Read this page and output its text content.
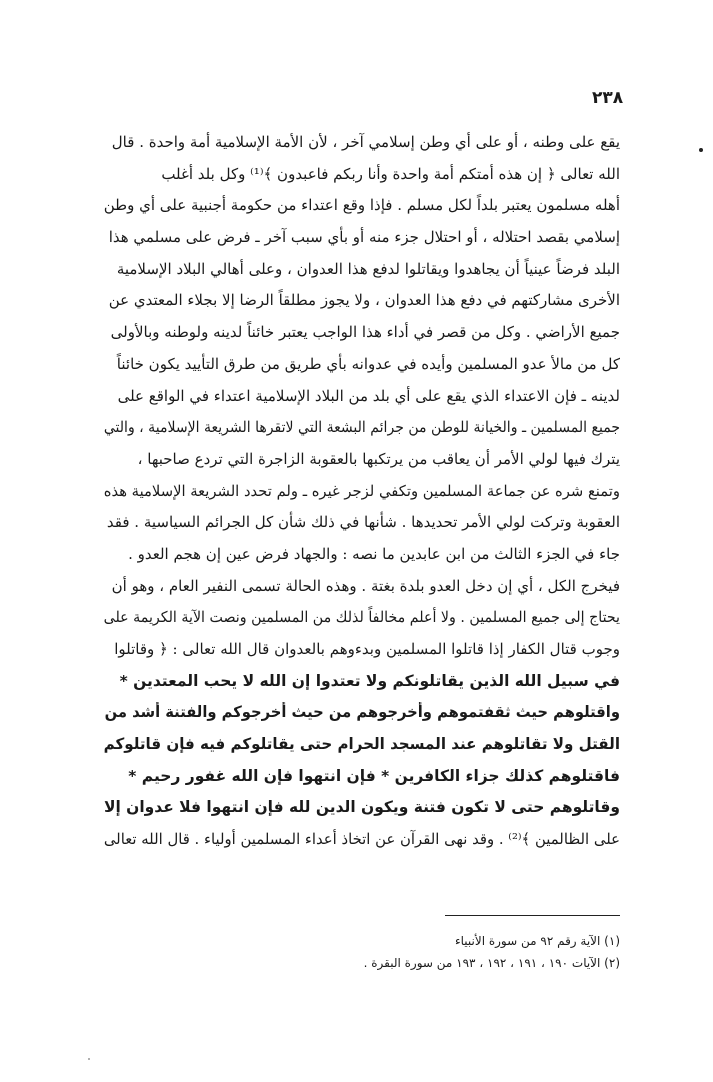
٢٣٨
يقع على وطنه ، أو على أي وطن إسلامي آخر ، لأن الأمة الإسلامية أمة واحدة . قال
الله تعالى ﴿ إن هذه أمتكم أمة واحدة وأنا ربكم فاعبدون ﴾⁽¹⁾ وكل بلد أغلب
أهله مسلمون يعتبر بلداً لكل مسلم . فإذا وقع اعتداء من حكومة أجنبية على أي وطن
إسلامي بقصد احتلاله ، أو احتلال جزء منه أو بأي سبب آخر ـ فرض على مسلمي هذا
البلد فرضاً عينياً أن يجاهدوا ويقاتلوا لدفع هذا العدوان ، وعلى أهالي البلاد الإسلامية
الأخرى مشاركتهم في دفع هذا العدوان ، ولا يجوز مطلقاً الرضا إلا بجلاء المعتدي عن
جميع الأراضي . وكل من قصر في أداء هذا الواجب يعتبر خائناً لدينه ولوطنه وبالأولى
كل من مالأ عدو المسلمين وأيده في عدوانه بأي طريق من طرق التأييد يكون خائناً
لدينه ـ فإن الاعتداء الذي يقع على أي بلد من البلاد الإسلامية اعتداء في الواقع على
جميع المسلمين ـ والخيانة للوطن من جرائم البشعة التي لاتقرها الشريعة الإسلامية ، والتي
يترك فيها لولي الأمر أن يعاقب من يرتكبها بالعقوبة الزاجرة التي تردع صاحبها ،
وتمنع شره عن جماعة المسلمين وتكفي لزجر غيره ـ ولم تحدد الشريعة الإسلامية هذه
العقوبة وتركت لولي الأمر تحديدها . شأنها في ذلك شأن كل الجرائم السياسية . فقد
جاء في الجزء الثالث من ابن عابدين ما نصه : والجهاد فرض عين إن هجم العدو .
فيخرج الكل ، أي إن دخل العدو بلدة بغتة . وهذه الحالة تسمى النفير العام ، وهو أن
يحتاج إلى جميع المسلمين . ولا أعلم مخالفاً لذلك من المسلمين ونصت الآية الكريمة على
وجوب قتال الكفار إذا قاتلوا المسلمين وبدءوهم بالعدوان قال الله تعالى : ﴿ وقاتلوا
في سبيل الله الذين يقاتلونكم ولا تعتدوا إن الله لا يحب المعتدين *
واقتلوهم حيث ثقفتموهم وأخرجوهم من حيث أخرجوكم والفتنة أشد من
القتل ولا تقاتلوهم عند المسجد الحرام حتى يقاتلوكم فيه فإن قاتلوكم
فاقتلوهم كذلك جزاء الكافرين * فإن انتهوا فإن الله غفور رحيم *
وقاتلوهم حتى لا تكون فتنة ويكون الدين لله فإن انتهوا فلا عدوان إلا
على الظالمين ﴾⁽²⁾ . وقد نهى القرآن عن اتخاذ أعداء المسلمين أولياء . قال الله تعالى
(١) الآية رقم ٩٢ من سورة الأنبياء
(٢) الآيات ١٩٠ ، ١٩١ ، ١٩٢ ، ١٩٣ من سورة البقرة .
